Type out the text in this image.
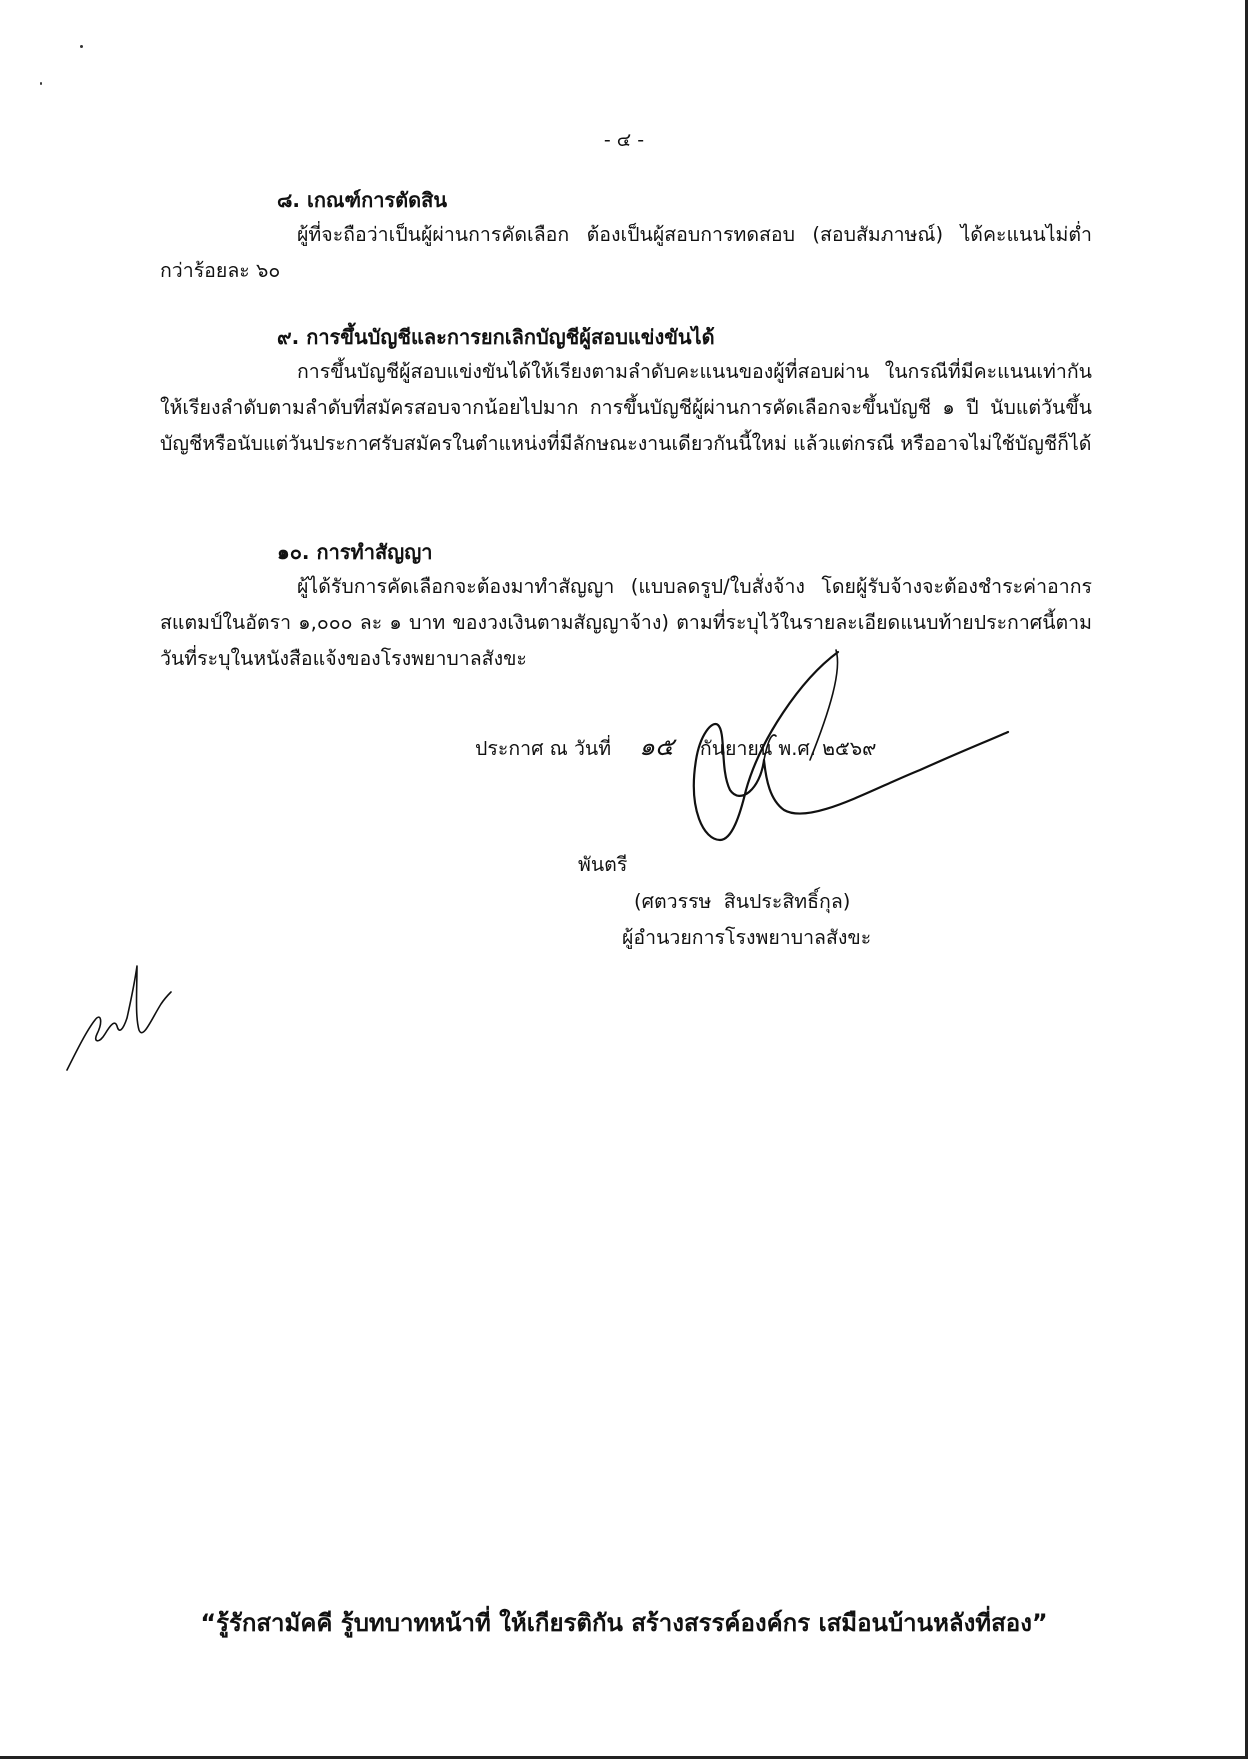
- ๔ -
๘. เกณฑ์การตัดสิน

ผู้ที่จะถือว่าเป็นผู้ผ่านการคัดเลือก ต้องเป็นผู้สอบการทดสอบ (สอบสัมภาษณ์) ได้คะแนนไม่ต่ำกว่าร้อยละ ๖๐

๙. การขึ้นบัญชีและการยกเลิกบัญชีผู้สอบแข่งขันได้

การขึ้นบัญชีผู้สอบแข่งขันได้ให้เรียงตามลำดับคะแนนของผู้ที่สอบผ่าน ในกรณีที่มีคะแนนเท่ากัน ให้เรียงลำดับตามลำดับที่สมัครสอบจากน้อยไปมาก การขึ้นบัญชีผู้ผ่านการคัดเลือกจะขึ้นบัญชี ๑ ปี นับแต่วันขึ้นบัญชีหรือนับแต่วันประกาศรับสมัครในตำแหน่งที่มีลักษณะงานเดียวกันนี้ใหม่ แล้วแต่กรณี หรืออาจไม่ใช้บัญชีก็ได้

๑๐. การทำสัญญา

ผู้ได้รับการคัดเลือกจะต้องมาทำสัญญา (แบบลดรูป/ใบสั่งจ้าง โดยผู้รับจ้างจะต้องชำระค่าอากรสแตมป์ในอัตรา ๑,๐๐๐ ละ ๑ บาท ของวงเงินตามสัญญาจ้าง) ตามที่ระบุไว้ในรายละเอียดแนบท้ายประกาศนี้ตามวันที่ระบุในหนังสือแจ้งของโรงพยาบาลสังขะ

ประกาศ ณ วันที่ ๑๕ กันยายน พ.ศ. ๒๕๖๙
พันตรี
(ศตวรรษ  สินประสิทธิ์กุล)
ผู้อำนวยการโรงพยาบาลสังขะ
“รู้รักสามัคคี รู้บทบาทหน้าที่ ให้เกียรติกัน สร้างสรรค์องค์กร เสมือนบ้านหลังที่สอง”
